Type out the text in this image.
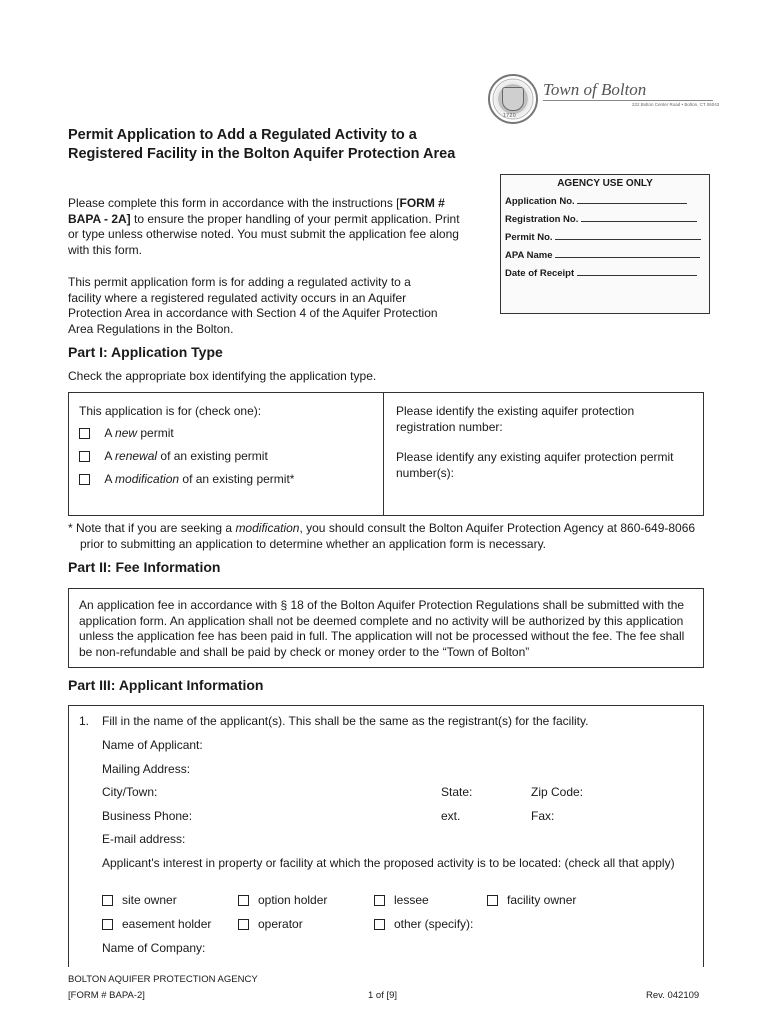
1720
Town of Bolton
222 Bolton Center Road • Bolton, CT 06043
Permit Application to Add a Regulated Activity to a Registered Facility in the Bolton Aquifer Protection Area
Please complete this form in accordance with the instructions [FORM # BAPA - 2A] to ensure the proper handling of your permit application. Print or type unless otherwise noted. You must submit the application fee along with this form.
This permit application form is for adding a regulated activity to a facility where a registered regulated activity occurs in an Aquifer Protection Area in accordance with Section 4 of the Aquifer Protection Area Regulations in the Bolton.
AGENCY USE ONLY
Application No.
Registration No.
Permit No.
APA Name
Date of Receipt
Part I: Application Type
Check the appropriate box identifying the application type.
This application is for (check one):
A new permit
A renewal of an existing permit
A modification of an existing permit*
Please identify the existing aquifer protection registration number:
Please identify any existing aquifer protection permit number(s):
* Note that if you are seeking a modification, you should consult the Bolton Aquifer Protection Agency at 860-649-8066 prior to submitting an application to determine whether an application form is necessary.
Part II: Fee Information
An application fee in accordance with § 18 of the Bolton Aquifer Protection Regulations shall be submitted with the application form. An application shall not be deemed complete and no activity will be authorized by this application unless the application fee has been paid in full. The application will not be processed without the fee. The fee shall be non-refundable and shall be paid by check or money order to the “Town of Bolton”
Part III: Applicant Information
1. Fill in the name of the applicant(s). This shall be the same as the registrant(s) for the facility.
Name of Applicant:
Mailing Address:
City/Town:	State:	Zip Code:
Business Phone:	ext.	Fax:
E-mail address:
Applicant's interest in property or facility at which the proposed activity is to be located: (check all that apply)
site owner	option holder	lessee	facility owner
easement holder	operator	other (specify):
Name of Company:
BOLTON AQUIFER PROTECTION AGENCY
[FORM # BAPA-2]	1 of [9]	Rev. 042109
